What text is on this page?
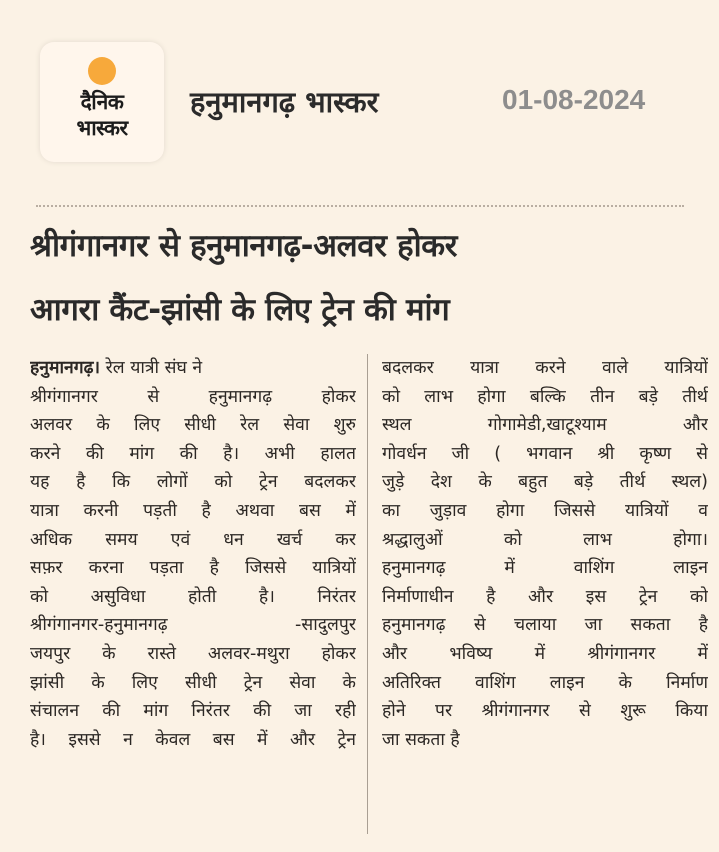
दैनिक
भास्कर
हनुमानगढ़ भास्कर	01-08-2024
श्रीगंगानगर से हनुमानगढ़-अलवर होकर
आगरा कैंट-झांसी के लिए ट्रेन की मांग
हनुमानगढ़। रेल यात्री संघ ने
श्रीगंगानगर से हनुमानगढ़ होकर
अलवर के लिए सीधी रेल सेवा शुरु
करने की मांग की है। अभी हालत
यह है कि लोगों को ट्रेन बदलकर
यात्रा करनी पड़ती है अथवा बस में
अधिक समय एवं धन खर्च कर
सफ़र करना पड़ता है जिससे यात्रियों
को असुविधा होती है। निरंतर
श्रीगंगानगर-हनुमानगढ़ -सादुलपुर
जयपुर के रास्ते अलवर-मथुरा होकर
झांसी के लिए सीधी ट्रेन सेवा के
संचालन की मांग निरंतर की जा रही
है। इससे न केवल बस में और ट्रेन
बदलकर यात्रा करने वाले यात्रियों
को लाभ होगा बल्कि तीन बड़े तीर्थ
स्थल गोगामेडी,खाटूश्याम और
गोवर्धन जी ( भगवान श्री कृष्ण से
जुड़े देश के बहुत बड़े तीर्थ स्थल)
का जुड़ाव होगा जिससे यात्रियों व
श्रद्धालुओं को लाभ होगा।
हनुमानगढ़ में वाशिंग लाइन
निर्माणाधीन है और इस ट्रेन को
हनुमानगढ़ से चलाया जा सकता है
और भविष्य में श्रीगंगानगर में
अतिरिक्त वाशिंग लाइन के निर्माण
होने पर श्रीगंगानगर से शुरू किया
जा सकता है
